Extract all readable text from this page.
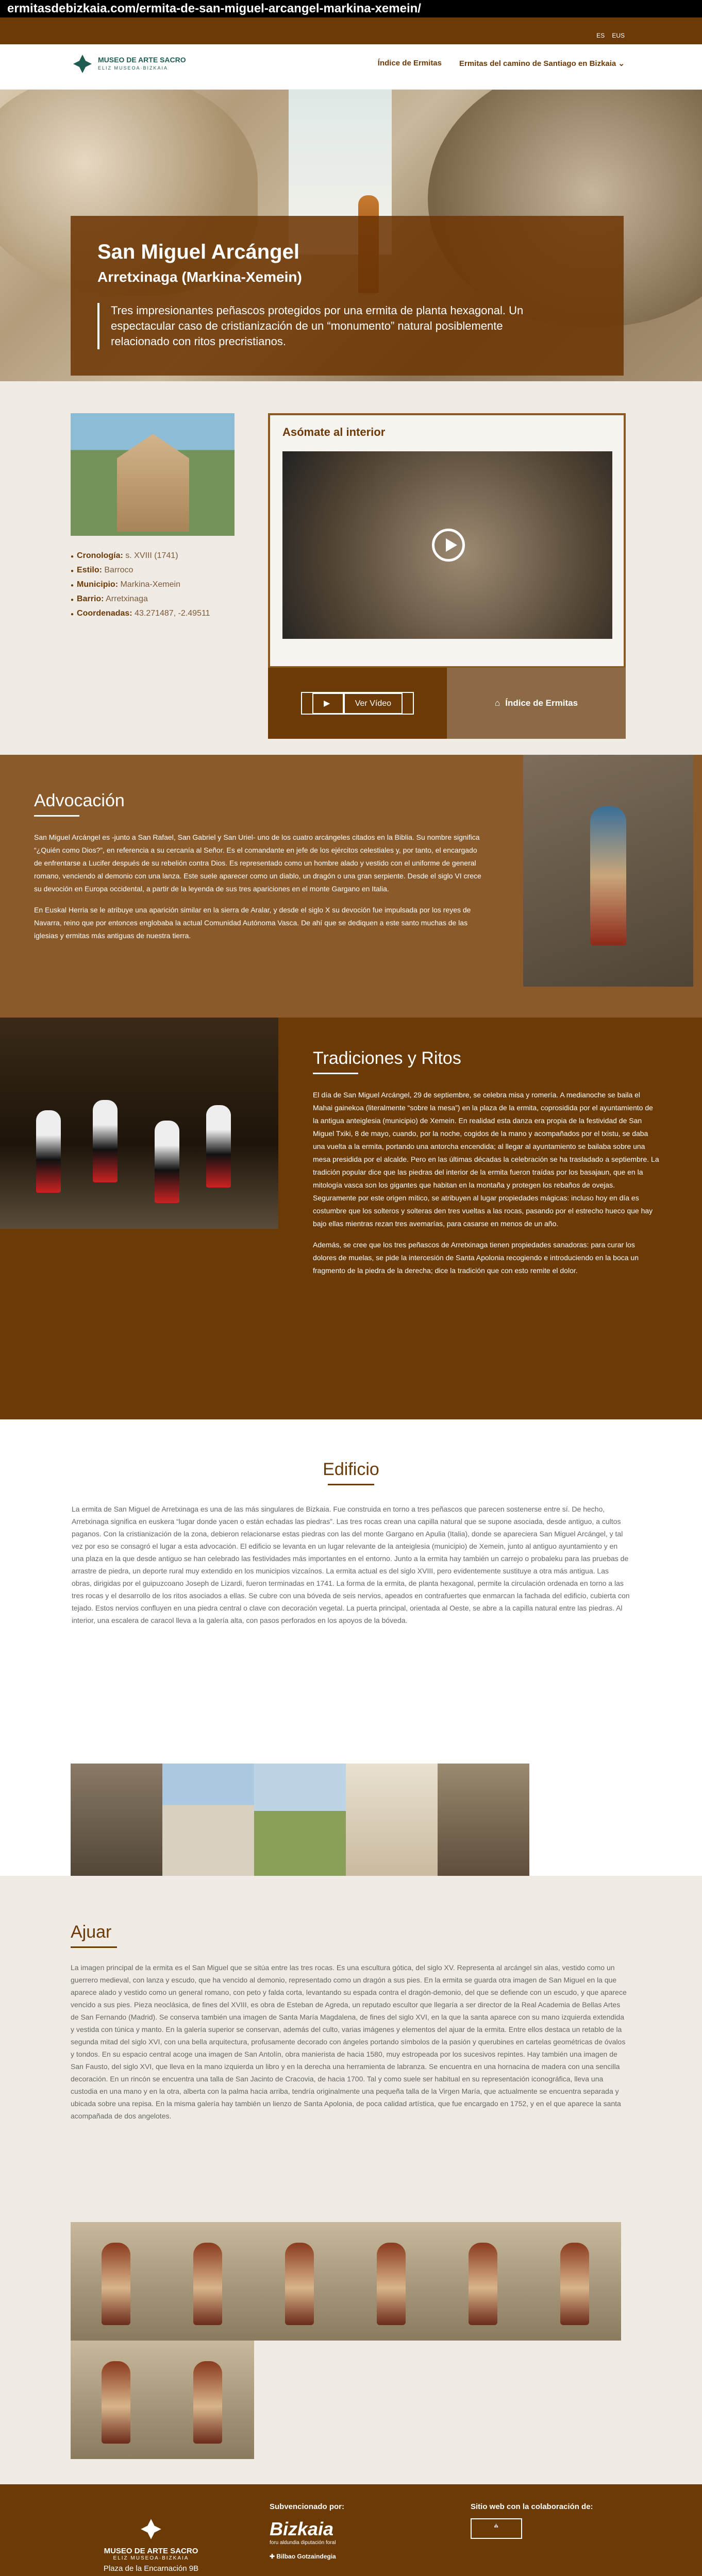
ermitasdebizkaia.com/ermita-de-san-miguel-arcangel-markina-xemein/
ES EUS
MUSEO DE ARTE SACRO
ELIZ MUSEOA·BIZKAIA
Índice de Ermitas Ermitas del camino de Santiago en Bizkaia ⌄
San Miguel Arcángel
Arretxinaga (Markina-Xemein)
Tres impresionantes peñascos protegidos por una ermita de planta hexagonal. Un espectacular caso de cristianización de un “monumento” natural posiblemente relacionado con ritos precristianos.
● Cronología: s. XVIII (1741)
● Estilo: Barroco
● Municipio: Markina-Xemein
● Barrio: Arretxinaga
● Coordenadas: 43.271487, -2.49511
Asómate al interior
▶	Ver Vídeo	⌂ Índice de Ermitas
Advocación

San Miguel Arcángel es -junto a San Rafael, San Gabriel y San Uriel- uno de los cuatro arcángeles citados en la Biblia. Su nombre significa “¿Quién como Dios?”, en referencia a su cercanía al Señor. Es el comandante en jefe de los ejércitos celestiales y, por tanto, el encargado de enfrentarse a Lucifer después de su rebelión contra Dios. Es representado como un hombre alado y vestido con el uniforme de general romano, venciendo al demonio con una lanza. Este suele aparecer como un diablo, un dragón o una gran serpiente. Desde el siglo VI crece su devoción en Europa occidental, a partir de la leyenda de sus tres apariciones en el monte Gargano en Italia.

En Euskal Herria se le atribuye una aparición similar en la sierra de Aralar, y desde el siglo X su devoción fue impulsada por los reyes de Navarra, reino que por entonces englobaba la actual Comunidad Autónoma Vasca. De ahí que se dediquen a este santo muchas de las iglesias y ermitas más antiguas de nuestra tierra.

Tradiciones y Ritos

El día de San Miguel Arcángel, 29 de septiembre, se celebra misa y romería. A medianoche se baila el Mahai gainekoa (literalmente “sobre la mesa”) en la plaza de la ermita, coprosidida por el ayuntamiento de la antigua anteiglesia (municipio) de Xemein. En realidad esta danza era propia de la festividad de San Miguel Txiki, 8 de mayo, cuando, por la noche, cogidos de la mano y acompañados por el txistu, se daba una vuelta a la ermita, portando una antorcha encendida; al llegar al ayuntamiento se bailaba sobre una mesa presidida por el alcalde. Pero en las últimas décadas la celebración se ha trasladado a septiembre. La tradición popular dice que las piedras del interior de la ermita fueron traídas por los basajaun, que en la mitología vasca son los gigantes que habitan en la montaña y protegen los rebaños de ovejas. Seguramente por este origen mítico, se atribuyen al lugar propiedades mágicas: incluso hoy en día es costumbre que los solteros y solteras den tres vueltas a las rocas, pasando por el estrecho hueco que hay bajo ellas mientras rezan tres avemarías, para casarse en menos de un año.

Además, se cree que los tres peñascos de Arretxinaga tienen propiedades sanadoras: para curar los dolores de muelas, se pide la intercesión de Santa Apolonia recogiendo e introduciendo en la boca un fragmento de la piedra de la derecha; dice la tradición que con esto remite el dolor.

Edificio

La ermita de San Miguel de Arretxinaga es una de las más singulares de Bizkaia. Fue construida en torno a tres peñascos que parecen sostenerse entre sí. De hecho, Arretxinaga significa en euskera “lugar donde yacen o están echadas las piedras”. Las tres rocas crean una capilla natural que se supone asociada, desde antiguo, a cultos paganos. Con la cristianización de la zona, debieron relacionarse estas piedras con las del monte Gargano en Apulia (Italia), donde se apareciera San Miguel Arcángel, y tal vez por eso se consagró el lugar a esta advocación. El edificio se levanta en un lugar relevante de la anteiglesia (municipio) de Xemein, junto al antiguo ayuntamiento y en una plaza en la que desde antiguo se han celebrado las festividades más importantes en el entorno. Junto a la ermita hay también un carrejo o probaleku para las pruebas de arrastre de piedra, un deporte rural muy extendido en los municipios vizcaínos. La ermita actual es del siglo XVIII, pero evidentemente sustituye a otra más antigua. Las obras, dirigidas por el guipuzcoano Joseph de Lizardi, fueron terminadas en 1741. La forma de la ermita, de planta hexagonal, permite la circulación ordenada en torno a las tres rocas y el desarrollo de los ritos asociados a ellas. Se cubre con una bóveda de seis nervios, apeados en contrafuertes que enmarcan la fachada del edificio, cubierta con tejado. Estos nervios confluyen en una piedra central o clave con decoración vegetal. La puerta principal, orientada al Oeste, se abre a la capilla natural entre las piedras. Al interior, una escalera de caracol lleva a la galería alta, con pasos perforados en los apoyos de la bóveda.

Ajuar

La imagen principal de la ermita es el San Miguel que se sitúa entre las tres rocas. Es una escultura gótica, del siglo XV. Representa al arcángel sin alas, vestido como un guerrero medieval, con lanza y escudo, que ha vencido al demonio, representado como un dragón a sus pies. En la ermita se guarda otra imagen de San Miguel en la que aparece alado y vestido como un general romano, con peto y falda corta, levantando su espada contra el dragón-demonio, del que se defiende con un escudo, y que aparece vencido a sus pies. Pieza neoclásica, de fines del XVIII, es obra de Esteban de Agreda, un reputado escultor que llegaría a ser director de la Real Academia de Bellas Artes de San Fernando (Madrid). Se conserva también una imagen de Santa María Magdalena, de fines del siglo XVI, en la que la santa aparece con su mano izquierda extendida y vestida con túnica y manto. En la galería superior se conservan, además del culto, varias imágenes y elementos del ajuar de la ermita. Entre ellos destaca un retablo de la segunda mitad del siglo XVI, con una bella arquitectura, profusamente decorado con ángeles portando símbolos de la pasión y querubines en cartelas geométricas de óvalos y tondos. En su espacio central acoge una imagen de San Antolín, obra manierista de hacia 1580, muy estropeada por los sucesivos repintes. Hay también una imagen de San Fausto, del siglo XVI, que lleva en la mano izquierda un libro y en la derecha una herramienta de labranza. Se encuentra en una hornacina de madera con una sencilla decoración. En un rincón se encuentra una talla de San Jacinto de Cracovia, de hacia 1700. Tal y como suele ser habitual en su representación iconográfica, lleva una custodia en una mano y en la otra, alberta con la palma hacia arriba, tendría originalmente una pequeña talla de la Virgen María, que actualmente se encuentra separada y ubicada sobre una repisa. En la misma galería hay también un lienzo de Santa Apolonia, de poca calidad artística, que fue encargado en 1752, y en el que aparece la santa acompañada de dos angelotes.

MUSEO DE ARTE SACRO
ELIZ MUSEOA·BIZKAIA

Plaza de la Encarnación 9B

Subvencionado por:
Bizkaia
foru aldundia diputación foral
✚ Bilbao Gotzaindegia
Sitio web con la colaboración de:
⛪
